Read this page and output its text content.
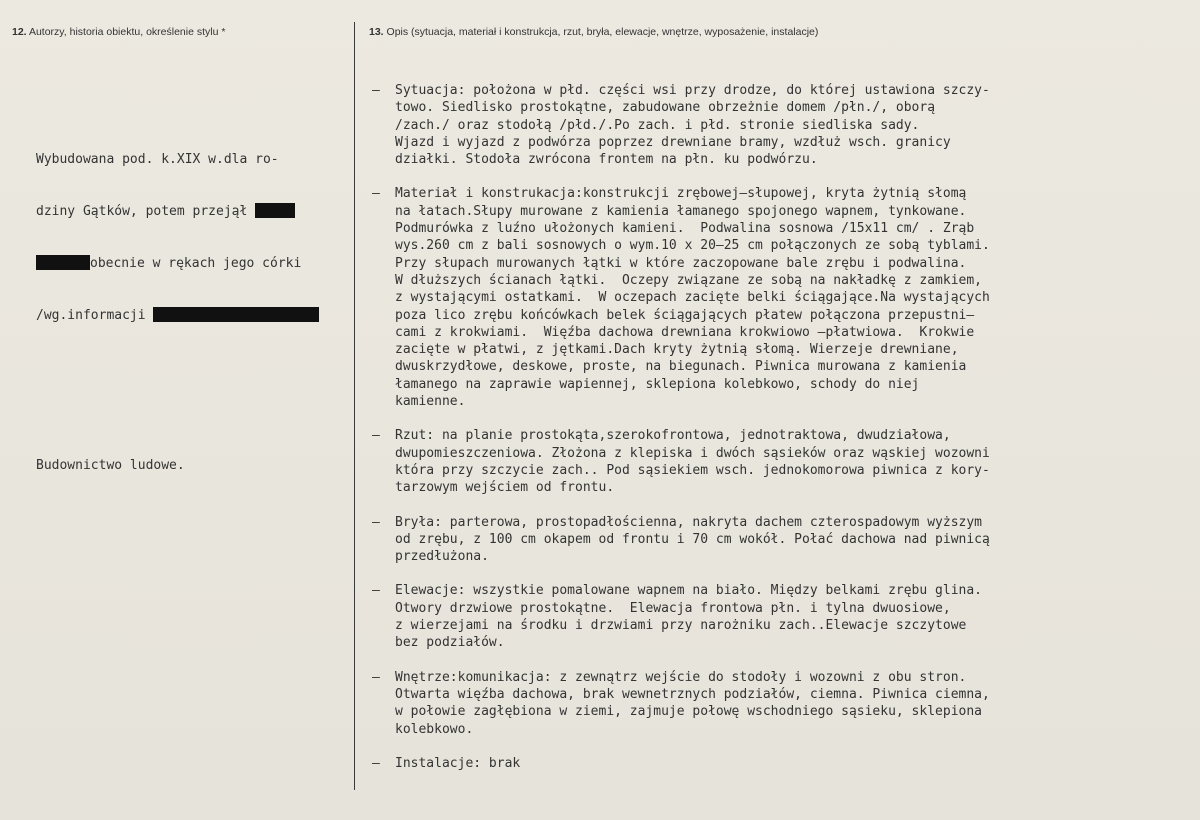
12. Autorzy, historia obiektu, określenie stylu *	13. Opis (sytuacja, materiał i konstrukcja, rzut, bryła, elewacje, wnętrze, wyposażenie, instalacje)

Wybudowana pod. k.XIX w.dla ro-

dziny Gątków, potem przejął

obecnie w rękach jego córki

/wg.informacji

Budownictwo ludowe.

–	Sytuacja: położona w płd. części wsi przy drodze, do której ustawiona szczy-
towo. Siedlisko prostokątne, zabudowane obrzeżnie domem /płn./, oborą
/zach./ oraz stodołą /płd./.Po zach. i płd. stronie siedliska sady.
Wjazd i wyjazd z podwórza poprzez drewniane bramy, wzdłuż wsch. granicy
działki. Stodoła zwrócona frontem na płn. ku podwórzu.
–	Materiał i konstrukacja:konstrukcji zrębowej–słupowej, kryta żytnią słomą
na łatach.Słupy murowane z kamienia łamanego spojonego wapnem, tynkowane.
Podmurówka z luźno ułożonych kamieni.  Podwalina sosnowa /15x11 cm/ . Zrąb
wys.260 cm z bali sosnowych o wym.10 x 20–25 cm połączonych ze sobą tyblami.
Przy słupach murowanych łątki w które zaczopowane bale zrębu i podwalina.
W dłuższych ścianach łątki.  Oczepy związane ze sobą na nakładkę z zamkiem,
z wystającymi ostatkami.  W oczepach zacięte belki ściągające.Na wystających
poza lico zrębu końcówkach belek ściągających płatew połączona przepustni–
cami z krokwiami.  Więźba dachowa drewniana krokwiowo –płatwiowa.  Krokwie
zacięte w płatwi, z jętkami.Dach kryty żytnią słomą. Wierzeje drewniane,
dwuskrzydłowe, deskowe, proste, na biegunach. Piwnica murowana z kamienia
łamanego na zaprawie wapiennej, sklepiona kolebkowo, schody do niej
kamienne.
–	Rzut: na planie prostokąta,szerokofrontowa, jednotraktowa, dwudziałowa,
dwupomieszczeniowa. Złożona z klepiska i dwóch sąsieków oraz wąskiej wozowni
która przy szczycie zach.. Pod sąsiekiem wsch. jednokomorowa piwnica z kory-
tarzowym wejściem od frontu.
–	Bryła: parterowa, prostopadłościenna, nakryta dachem czterospadowym wyższym
od zrębu, z 100 cm okapem od frontu i 70 cm wokół. Połać dachowa nad piwnicą
przedłużona.
–	Elewacje: wszystkie pomalowane wapnem na biało. Między belkami zrębu glina.
Otwory drzwiowe prostokątne.  Elewacja frontowa płn. i tylna dwuosiowe,
z wierzejami na środku i drzwiami przy narożniku zach..Elewacje szczytowe
bez podziałów.
–	Wnętrze:komunikacja: z zewnątrz wejście do stodoły i wozowni z obu stron.
Otwarta więźba dachowa, brak wewnetrznych podziałów, ciemna. Piwnica ciemna,
w połowie zagłębiona w ziemi, zajmuje połowę wschodniego sąsieku, sklepiona
kolebkowo.
–	Instalacje: brak
